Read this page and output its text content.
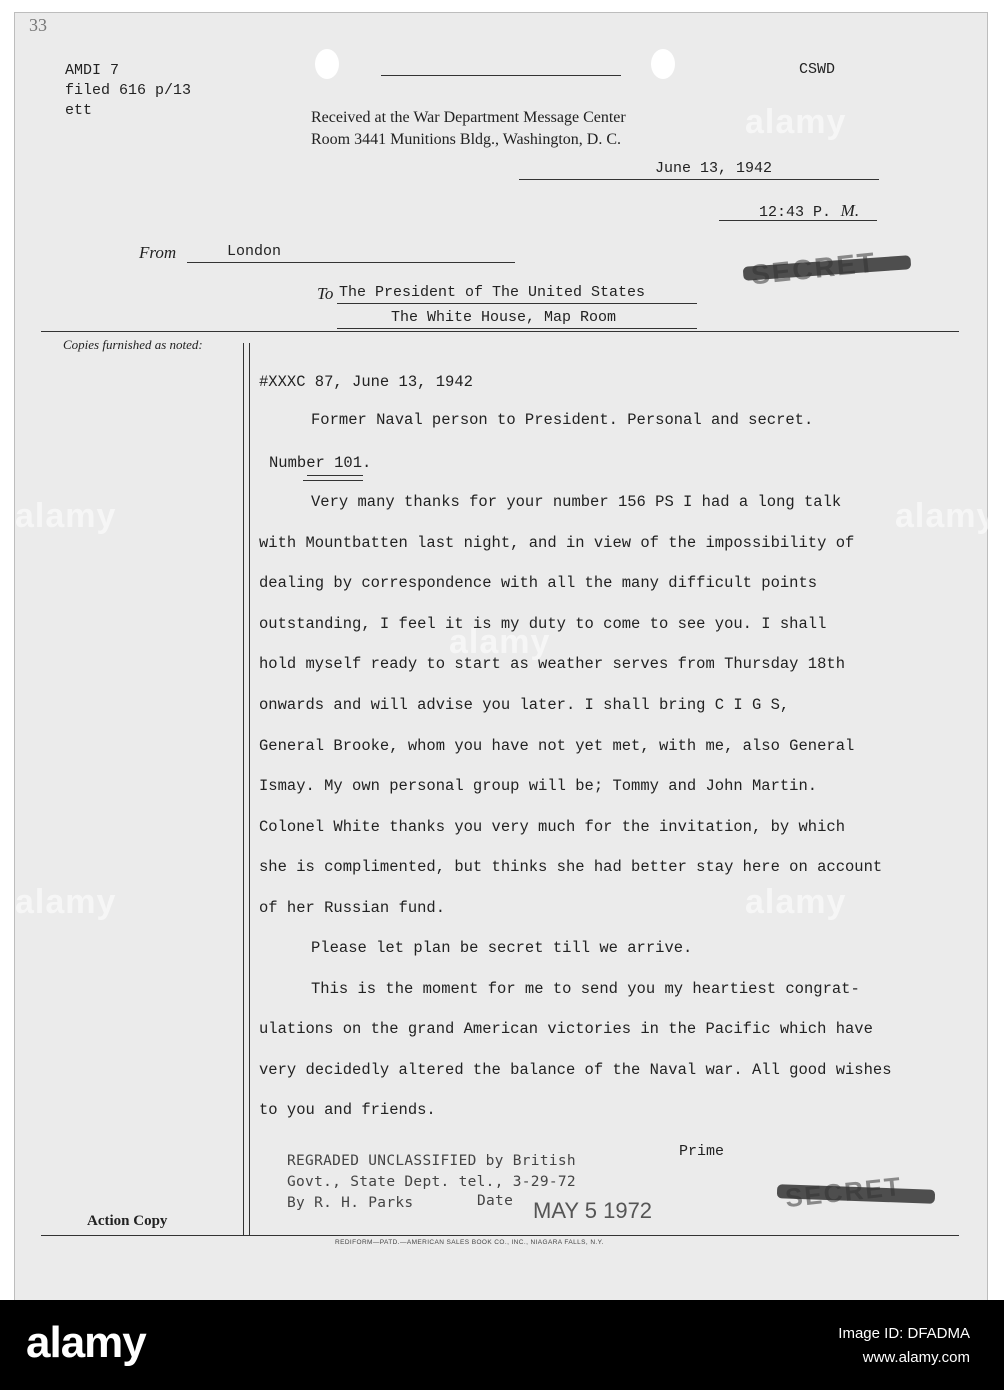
33
AMDI 7
filed 616 p/13
ett
CSWD
Received at the War Department Message Center
Room 3441 Munitions Bldg., Washington, D. C.
June 13, 1942
12:43 P. M.
From	London
To The President of The United States
The White House, Map Room
Copies furnished as noted:
#XXXC 87, June 13, 1942
Former Naval person to President. Personal and secret.
Number 101.
Very many thanks for your number 156 PS I had a long talk
with Mountbatten last night, and in view of the impossibility of
dealing by correspondence with all the many difficult points
outstanding, I feel it is my duty to come to see you. I shall
hold myself ready to start as weather serves from Thursday 18th
onwards and will advise you later. I shall bring C I G S,
General Brooke, whom you have not yet met, with me, also General
Ismay. My own personal group will be; Tommy and John Martin.
Colonel White thanks you very much for the invitation, by which
she is complimented, but thinks she had better stay here on account
of her Russian fund.
Please let plan be secret till we arrive.
This is the moment for me to send you my heartiest congrat-
ulations on the grand American victories in the Pacific which have
very decidedly altered the balance of the Naval war. All good wishes
to you and friends.
Prime
REGRADED UNCLASSIFIED by British
Govt., State Dept. tel., 3-29-72
By R. H. Parks	Date MAY 5 1972
Action Copy
REDIFORM—PATD.—AMERICAN SALES BOOK CO., INC., NIAGARA FALLS, N.Y.
alamy
alamy
alamy
alamy
alamy
alamy
alamy	Image ID: DFADMA
www.alamy.com
